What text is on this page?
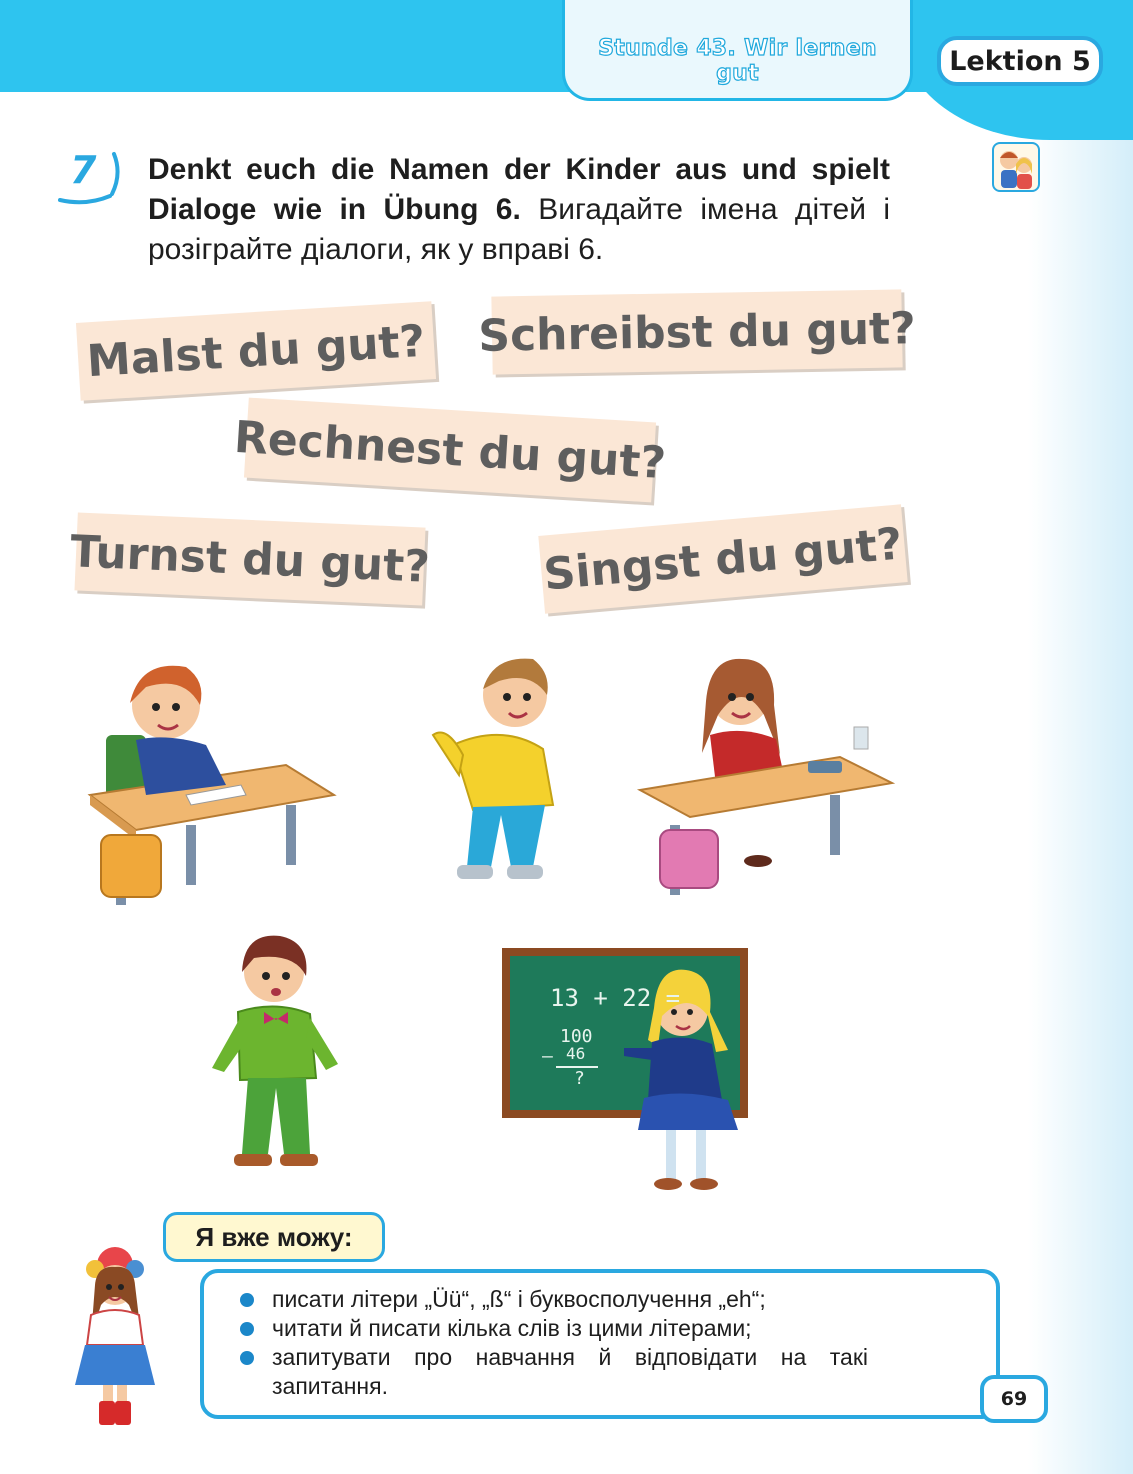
Stunde 43. Wir lernen gut	Lektion 5
7 Denkt euch die Namen der Kinder aus und spielt Dialoge wie in Übung 6. Вигадайте імена дітей і розіграйте діалоги, як у вправі 6.
Malst du gut? Schreibst du gut?
Rechnest du gut?
Turnst du gut?	Singst du gut?
13 + 22 =
100
– 46
?
Я вже можу:
писати літери „Üü“, „ß“ і буквосполучення „eh“;
читати й писати кілька слів із цими літерами;
запитувати про навчання й відповідати на такі запитання.	69
